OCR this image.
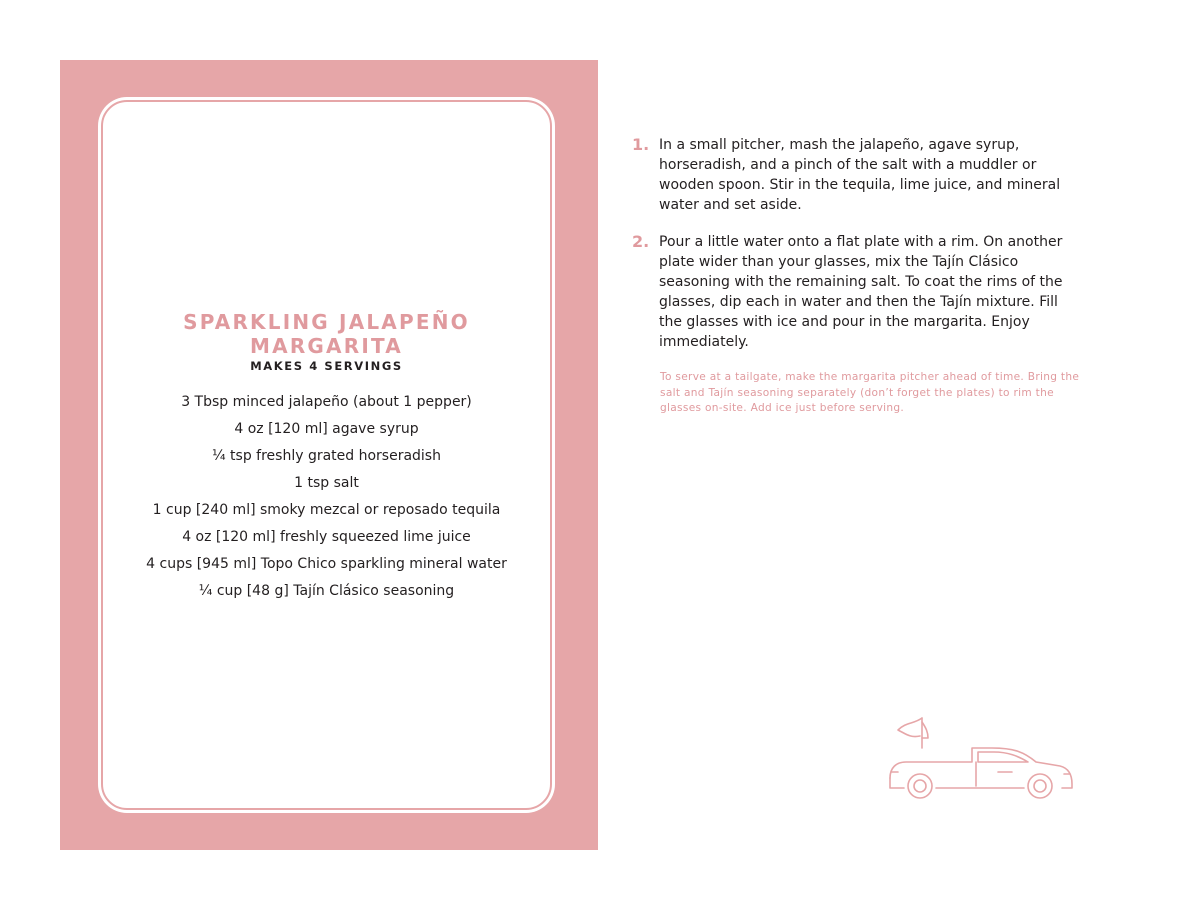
SPARKLING JALAPEÑO
MARGARITA

MAKES 4 SERVINGS

3 Tbsp minced jalapeño (about 1 pepper)
4 oz [120 ml] agave syrup
¼ tsp freshly grated horseradish
1 tsp salt
1 cup [240 ml] smoky mezcal or reposado tequila
4 oz [120 ml] freshly squeezed lime juice
4 cups [945 ml] Topo Chico sparkling mineral water
¼ cup [48 g] Tajín Clásico seasoning
1. In a small pitcher, mash the jalapeño, agave syrup, horseradish, and a pinch of the salt with a muddler or wooden spoon. Stir in the tequila, lime juice, and mineral water and set aside.
2. Pour a little water onto a flat plate with a rim. On another plate wider than your glasses, mix the Tajín Clásico seasoning with the remaining salt. To coat the rims of the glasses, dip each in water and then the Tajín mixture. Fill the glasses with ice and pour in the margarita. Enjoy immediately.

To serve at a tailgate, make the margarita pitcher ahead of time. Bring the salt and Tajín seasoning separately (don’t forget the plates) to rim the glasses on-site. Add ice just before serving.
